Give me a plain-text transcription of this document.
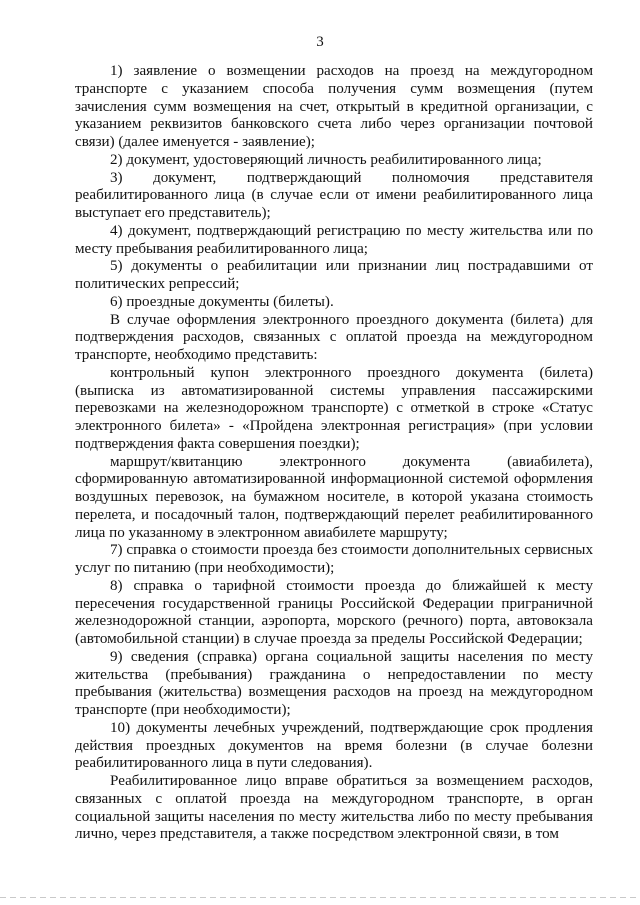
3

1) заявление о возмещении расходов на проезд на междугородном транспорте с указанием способа получения сумм возмещения (путем зачисления сумм возмещения на счет, открытый в кредитной организации, с указанием реквизитов банковского счета либо через организации почтовой связи) (далее именуется - заявление);

2) документ, удостоверяющий личность реабилитированного лица;

3) документ, подтверждающий полномочия представителя реабилитированного лица (в случае если от имени реабилитированного лица выступает его представитель);

4) документ, подтверждающий регистрацию по месту жительства или по месту пребывания реабилитированного лица;

5) документы о реабилитации или признании лиц пострадавшими от политических репрессий;

6) проездные документы (билеты).

В случае оформления электронного проездного документа (билета) для подтверждения расходов, связанных с оплатой проезда на междугородном транспорте, необходимо представить:

контрольный купон электронного проездного документа (билета) (выписка из автоматизированной системы управления пассажирскими перевозками на железнодорожном транспорте) с отметкой в строке «Статус электронного билета» - «Пройдена электронная регистрация» (при условии подтверждения факта совершения поездки);

маршрут/квитанцию электронного документа (авиабилета), сформированную автоматизированной информационной системой оформления воздушных перевозок, на бумажном носителе, в которой указана стоимость перелета, и посадочный талон, подтверждающий перелет реабилитированного лица по указанному в электронном авиабилете маршруту;

7) справка о стоимости проезда без стоимости дополнительных сервисных услуг по питанию (при необходимости);

8) справка о тарифной стоимости проезда до ближайшей к месту пересечения государственной границы Российской Федерации приграничной железнодорожной станции, аэропорта, морского (речного) порта, автовокзала (автомобильной станции) в случае проезда за пределы Российской Федерации;

9) сведения (справка) органа социальной защиты населения по месту жительства (пребывания) гражданина о непредоставлении по месту пребывания (жительства) возмещения расходов на проезд на междугородном транспорте (при необходимости);

10) документы лечебных учреждений, подтверждающие срок продления действия проездных документов на время болезни (в случае болезни реабилитированного лица в пути следования).

Реабилитированное лицо вправе обратиться за возмещением расходов, связанных с оплатой проезда на междугородном транспорте, в орган социальной защиты населения по месту жительства либо по месту пребывания лично, через представителя, а также посредством электронной связи, в том
